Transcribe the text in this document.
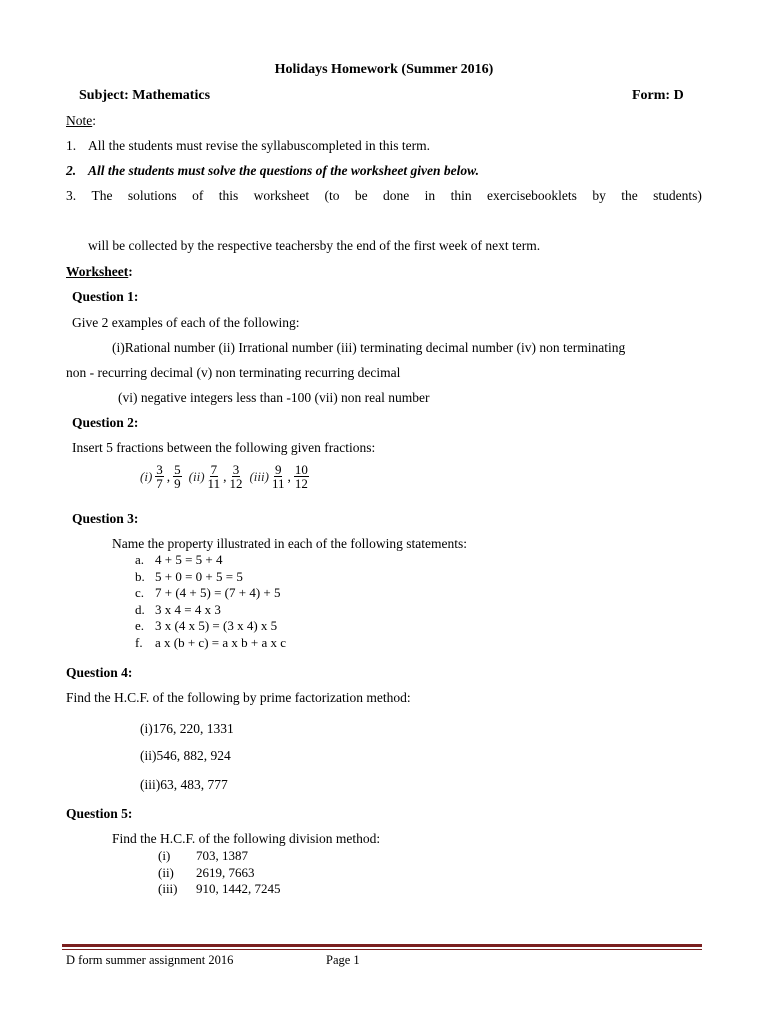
Holidays Homework (Summer 2016)
Subject: Mathematics	Form: D
Note:
1. All the students must revise the syllabuscompleted in this term.
2. All the students must solve the questions of the worksheet given below.
3. The solutions of this worksheet (to be done in thin exercisebooklets by the students)
will be collected by the respective teachersby the end of the first week of next term.
Worksheet:
Question 1:
Give 2 examples of each of the following:
(i)Rational number (ii) Irrational number (iii) terminating decimal number (iv) non terminating
non - recurring decimal (v) non terminating recurring decimal
(vi) negative integers less than -100 (vii) non real number
Question 2:
Insert 5 fractions between the following given fractions:
$(i) \frac{3}{7}$ , $\frac{5}{9} (ii) \frac{7}{11}$ , $\frac{3}{12} (iii) \frac{9}{11}$ , $\frac{10}{12}$
Question 3:
Name the property illustrated in each of the following statements:
a. 4 + 5 = 5 + 4
b. 5 + 0 = 0 + 5 = 5
c. 7 + (4 + 5) = (7 + 4) + 5
d. 3 x 4 = 4 x 3
e. 3 x (4 x 5) = (3 x 4) x 5
f. a x (b + c) = a x b + a x c
Question 4:
Find the H.C.F. of the following by prime factorization method:
(i)176, 220, 1331
(ii)546, 882, 924
(iii)63, 483, 777
Question 5:
Find the H.C.F. of the following division method:
(i) 703, 1387
(ii) 2619, 7663
(iii) 910, 1442, 7245
D form summer assignment 2016	Page 1
